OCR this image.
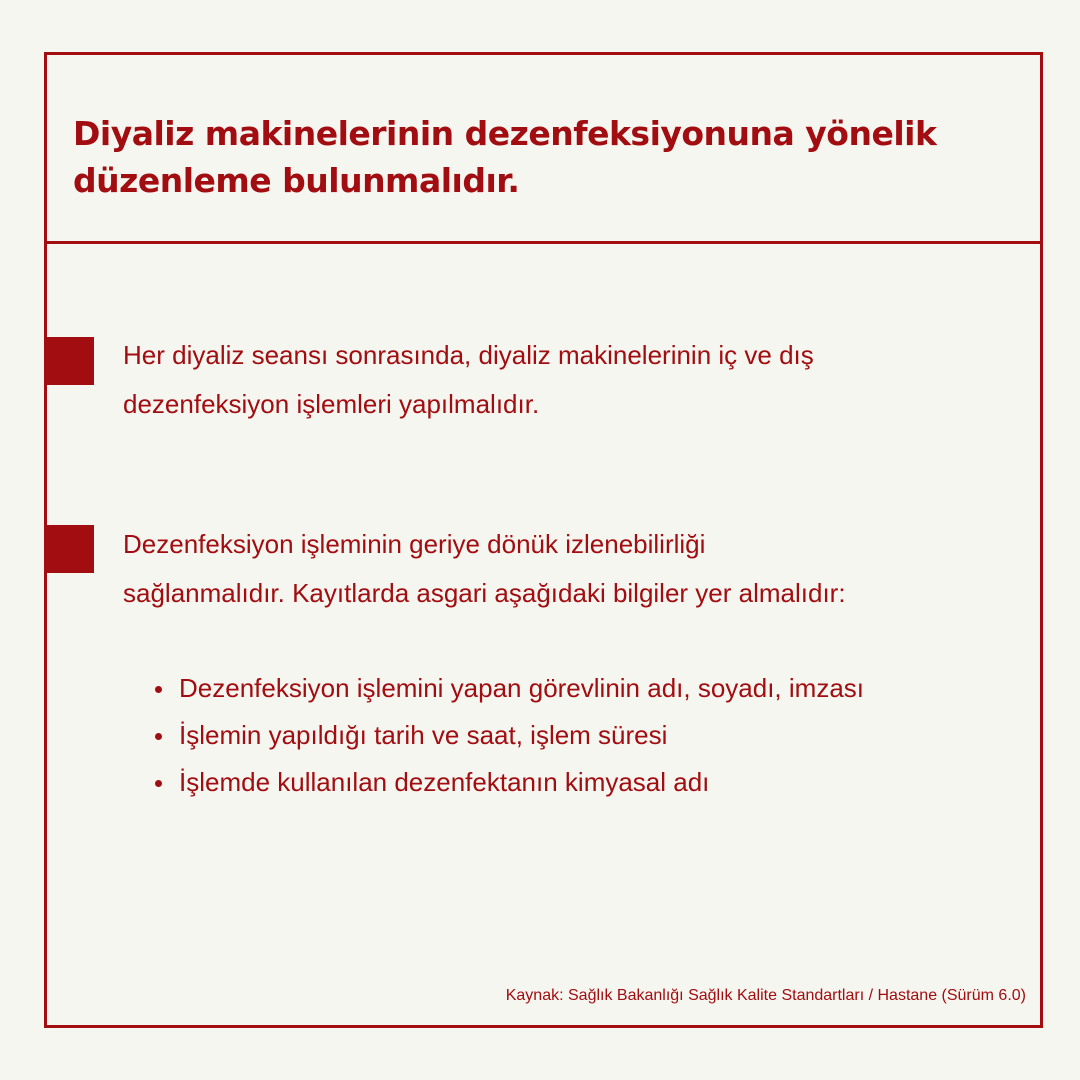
Diyaliz makinelerinin dezenfeksiyonuna yönelik
düzenleme bulunmalıdır.

Her diyaliz seansı sonrasında, diyaliz makinelerinin iç ve dış
dezenfeksiyon işlemleri yapılmalıdır.

Dezenfeksiyon işleminin geriye dönük izlenebilirliği
sağlanmalıdır. Kayıtlarda asgari aşağıdaki bilgiler yer almalıdır:

Dezenfeksiyon işlemini yapan görevlinin adı, soyadı, imzası
İşlemin yapıldığı tarih ve saat, işlem süresi
İşlemde kullanılan dezenfektanın kimyasal adı

Kaynak: Sağlık Bakanlığı Sağlık Kalite Standartları / Hastane (Sürüm 6.0)
